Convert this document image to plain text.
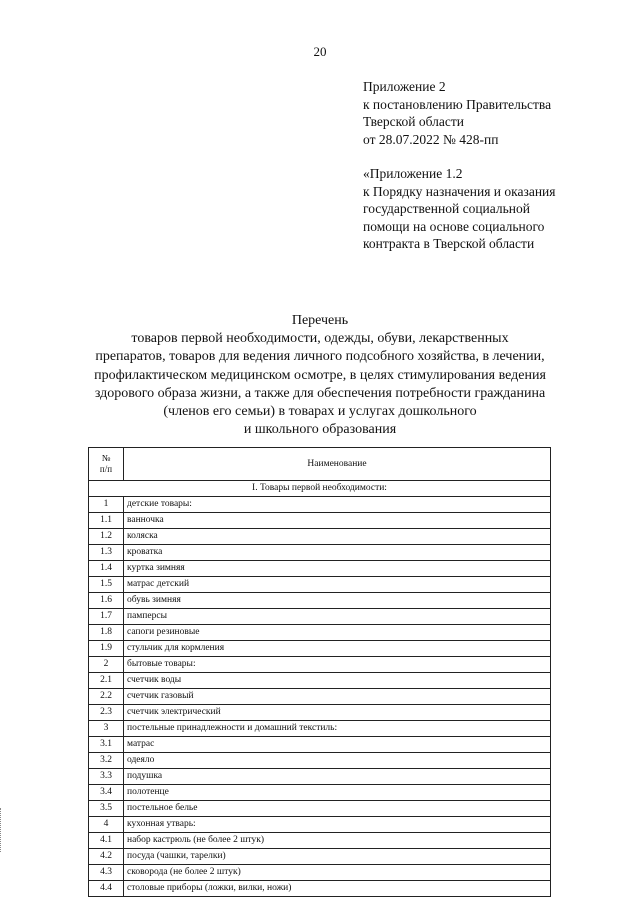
20
Приложение 2
к постановлению Правительства
Тверской области
от 28.07.2022 № 428-пп
«Приложение 1.2
к Порядку назначения и оказания
государственной социальной
помощи на основе социального
контракта в Тверской области
Перечень
товаров первой необходимости, одежды, обуви, лекарственных
препаратов, товаров для ведения личного подсобного хозяйства, в лечении,
профилактическом медицинском осмотре, в целях стимулирования ведения
здорового образа жизни, а также для обеспечения потребности гражданина
(членов его семьи) в товарах и услугах дошкольного
и школьного образования
№
п/п	Наименование
I. Товары первой необходимости:	
1	детские товары:
1.1	ванночка
1.2	коляска
1.3	кроватка
1.4	куртка зимняя
1.5	матрас детский
1.6	обувь зимняя
1.7	памперсы
1.8	сапоги резиновые
1.9	стульчик для кормления
2	бытовые товары:
2.1	счетчик воды
2.2	счетчик газовый
2.3	счетчик электрический
3	постельные принадлежности и домашний текстиль:
3.1	матрас
3.2	одеяло
3.3	подушка
3.4	полотенце
3.5	постельное белье
4	кухонная утварь:
4.1	набор кастрюль (не более 2 штук)
4.2	посуда (чашки, тарелки)
4.3	сковорода (не более 2 штук)
4.4	столовые приборы (ложки, вилки, ножи)
